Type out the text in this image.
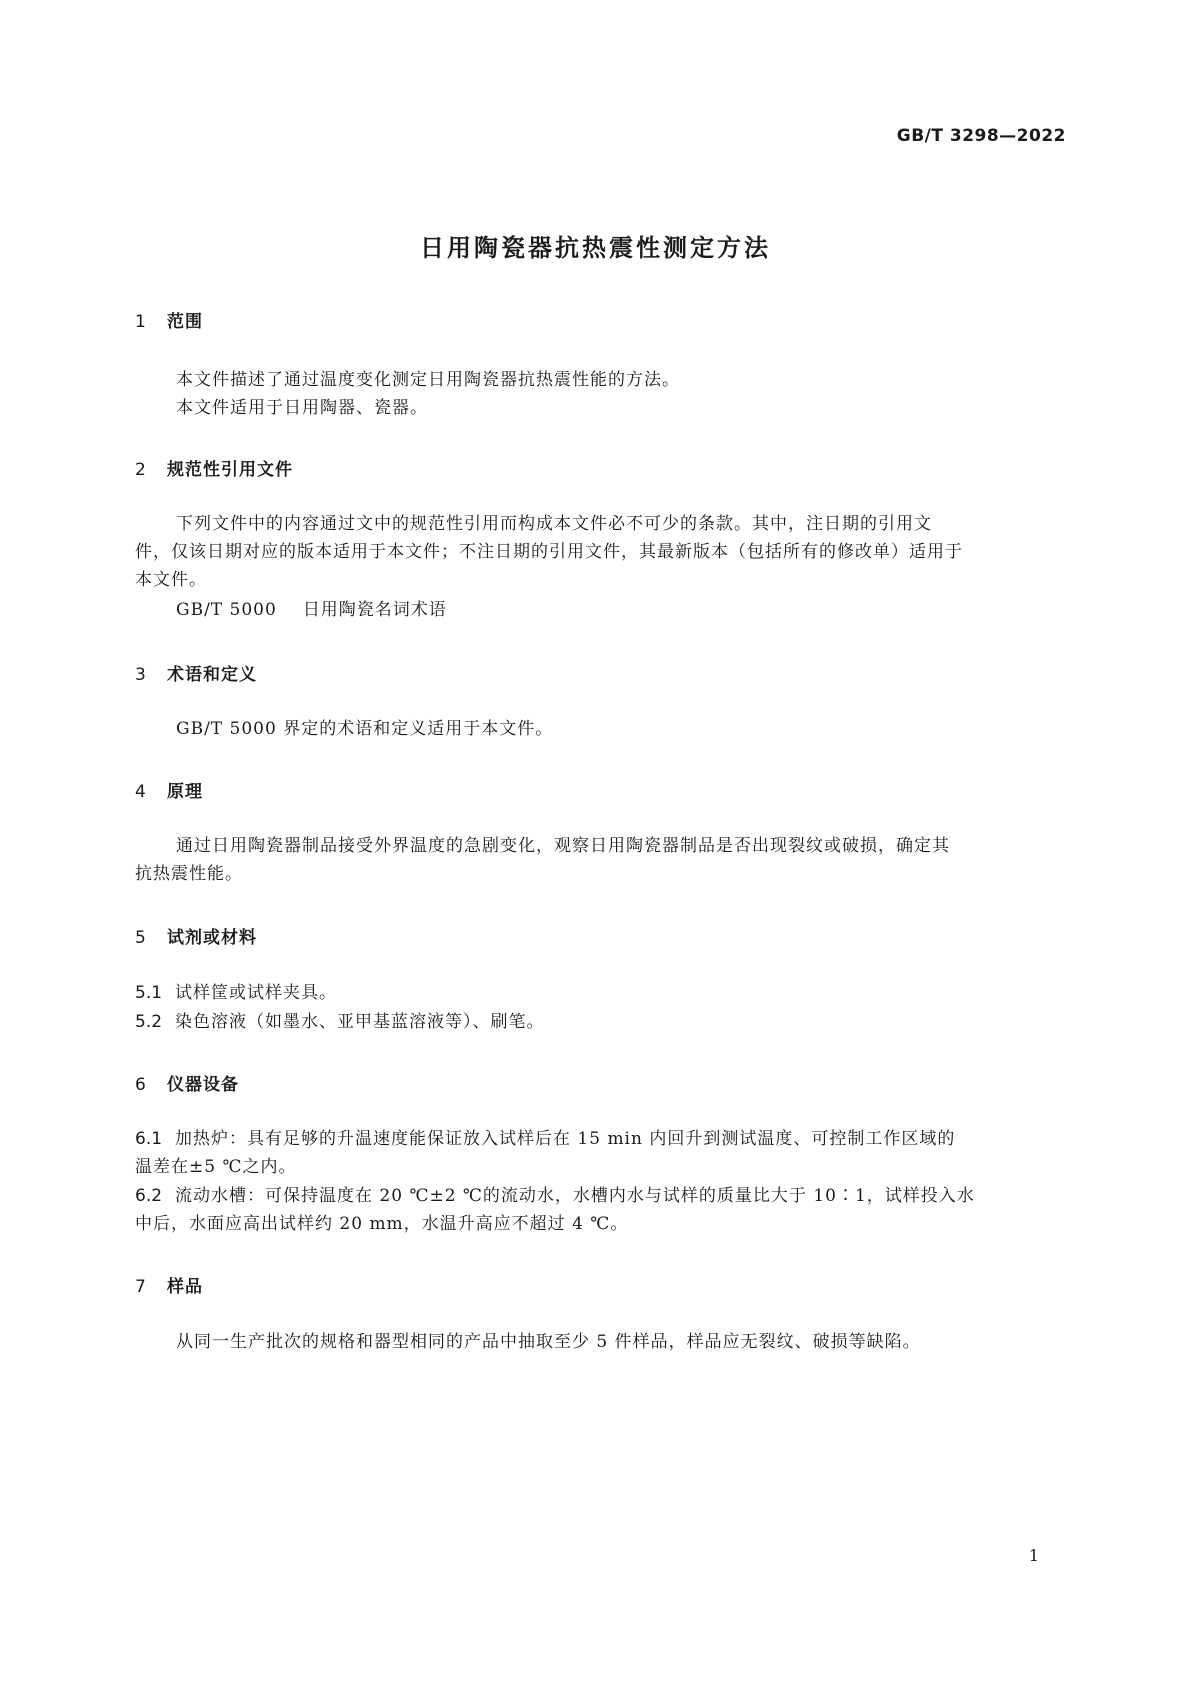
GB/T 3298—2022
日用陶瓷器抗热震性测定方法
1 范围
本文件描述了通过温度变化测定日用陶瓷器抗热震性能的方法。
本文件适用于日用陶器、瓷器。
2 规范性引用文件
下列文件中的内容通过文中的规范性引用而构成本文件必不可少的条款。其中，注日期的引用文
件，仅该日期对应的版本适用于本文件；不注日期的引用文件，其最新版本（包括所有的修改单）适用于
本文件。
GB/T 5000 日用陶瓷名词术语
3 术语和定义
GB/T 5000 界定的术语和定义适用于本文件。
4 原理
通过日用陶瓷器制品接受外界温度的急剧变化，观察日用陶瓷器制品是否出现裂纹或破损，确定其
抗热震性能。
5 试剂或材料
5.1 试样筐或试样夹具。
5.2 染色溶液（如墨水、亚甲基蓝溶液等）、刷笔。
6 仪器设备
6.1 加热炉：具有足够的升温速度能保证放入试样后在 15 min 内回升到测试温度、可控制工作区域的
温差在±5 ℃之内。
6.2 流动水槽：可保持温度在 20 ℃±2 ℃的流动水，水槽内水与试样的质量比大于 10∶1，试样投入水
中后，水面应高出试样约 20 mm，水温升高应不超过 4 ℃。
7 样品
从同一生产批次的规格和器型相同的产品中抽取至少 5 件样品，样品应无裂纹、破损等缺陷。
1
